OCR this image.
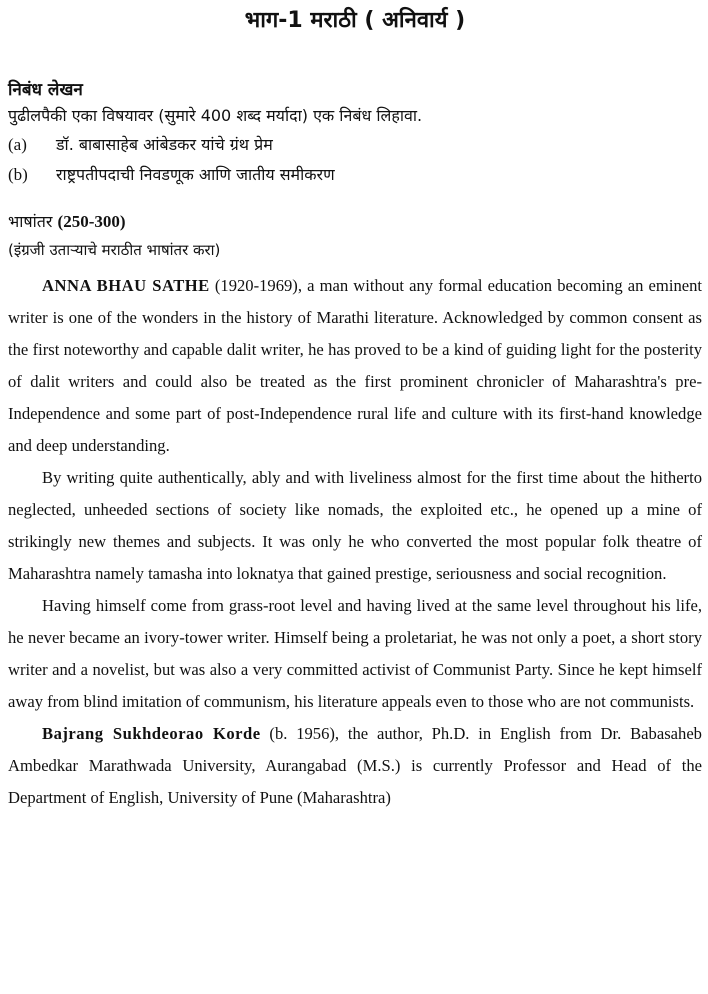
भाग-1 मराठी ( अनिवार्य )
निबंध लेखन
पुढीलपैकी एका विषयावर (सुमारे 400 शब्द मर्यादा) एक निबंध लिहावा.
(a)	डॉ. बाबासाहेब आंबेडकर यांचे ग्रंथ प्रेम
(b)	राष्ट्रपतीपदाची निवडणूक आणि जातीय समीकरण
भाषांतर (250-300)
(इंग्रजी उताऱ्याचे मराठीत भाषांतर करा)

ANNA BHAU SATHE (1920-1969), a man without any formal education becoming an eminent writer is one of the wonders in the history of Marathi literature. Acknowledged by common consent as the first noteworthy and capable dalit writer, he has proved to be a kind of guiding light for the posterity of dalit writers and could also be treated as the first prominent chronicler of Maharashtra's pre-Independence and some part of post-Independence rural life and culture with its first-hand knowledge and deep understanding.

By writing quite authentically, ably and with liveliness almost for the first time about the hitherto neglected, unheeded sections of society like nomads, the exploited etc., he opened up a mine of strikingly new themes and subjects. It was only he who converted the most popular folk theatre of Maharashtra namely tamasha into loknatya that gained prestige, seriousness and social recognition.

Having himself come from grass-root level and having lived at the same level throughout his life, he never became an ivory-tower writer. Himself being a proletariat, he was not only a poet, a short story writer and a novelist, but was also a very committed activist of Communist Party. Since he kept himself away from blind imitation of communism, his literature appeals even to those who are not communists.

Bajrang Sukhdeorao Korde (b. 1956), the author, Ph.D. in English from Dr. Babasaheb Ambedkar Marathwada University, Aurangabad (M.S.) is currently Professor and Head of the Department of English, University of Pune (Maharashtra)
